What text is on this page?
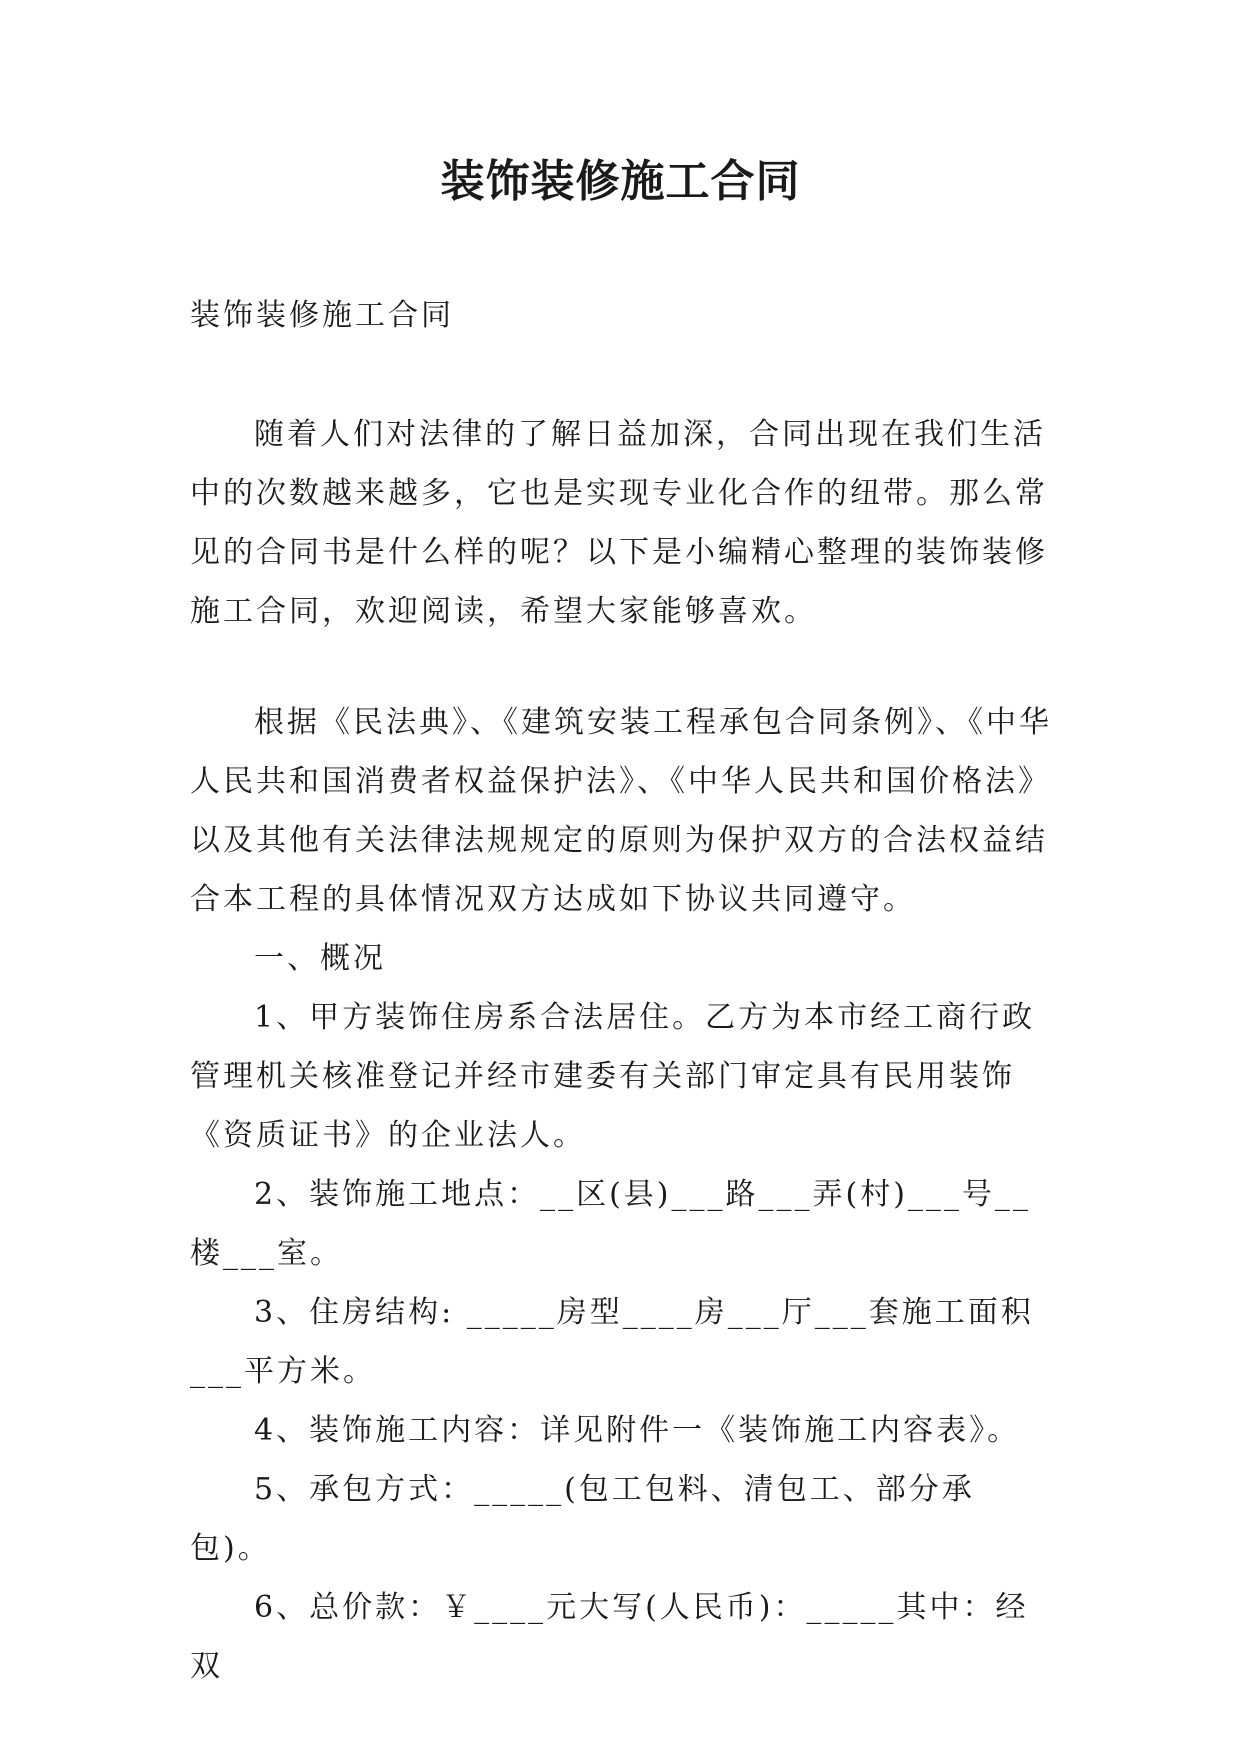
装饰装修施工合同

装饰装修施工合同

随着人们对法律的了解日益加深，合同出现在我们生活中的次数越来越多，它也是实现专业化合作的纽带。那么常见的合同书是什么样的呢？以下是小编精心整理的装饰装修施工合同，欢迎阅读，希望大家能够喜欢。

根据《民法典》、《建筑安装工程承包合同条例》、《中华人民共和国消费者权益保护法》、《中华人民共和国价格法》以及其他有关法律法规规定的原则为保护双方的合法权益结合本工程的具体情况双方达成如下协议共同遵守。

一、概况

1、甲方装饰住房系合法居住。乙方为本市经工商行政管理机关核准登记并经市建委有关部门审定具有民用装饰《资质证书》的企业法人。

2、装饰施工地点：__区(县)___路___弄(村)___号__楼___室。

3、住房结构: _____房型____房___厅___套施工面积___平方米。

4、装饰施工内容：详见附件一《装饰施工内容表》。

5、承包方式：_____(包工包料、清包工、部分承包)。

6、总价款：￥____元大写(人民币)：_____其中：经双
